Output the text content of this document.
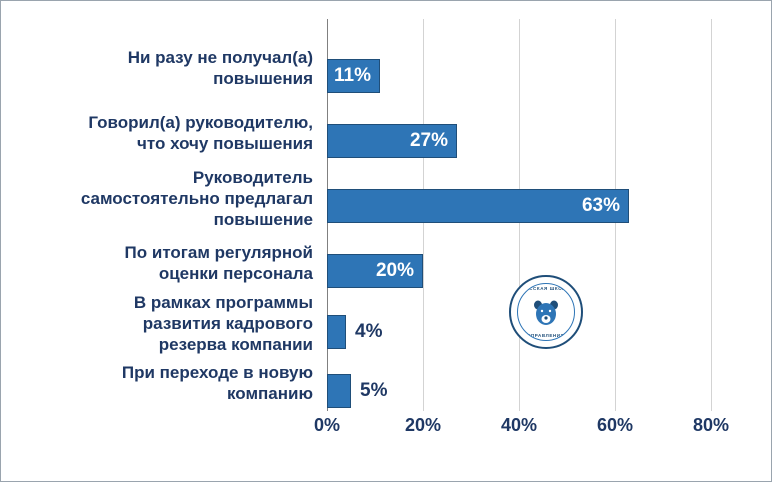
11%
27%
63%
20%
4%
5%
Ни разу не получал(а)
повышения
Говорил(а) руководителю,
что хочу повышения
Руководитель
самостоятельно предлагал
повышение
По итогам регулярной
оценки персонала
В рамках программы
развития кадрового
резерва компании
При переходе в новую
компанию
0%	20%	40%	60%	80%
РУССКАЯ ШКОЛА
УПРАВЛЕНИЯ
